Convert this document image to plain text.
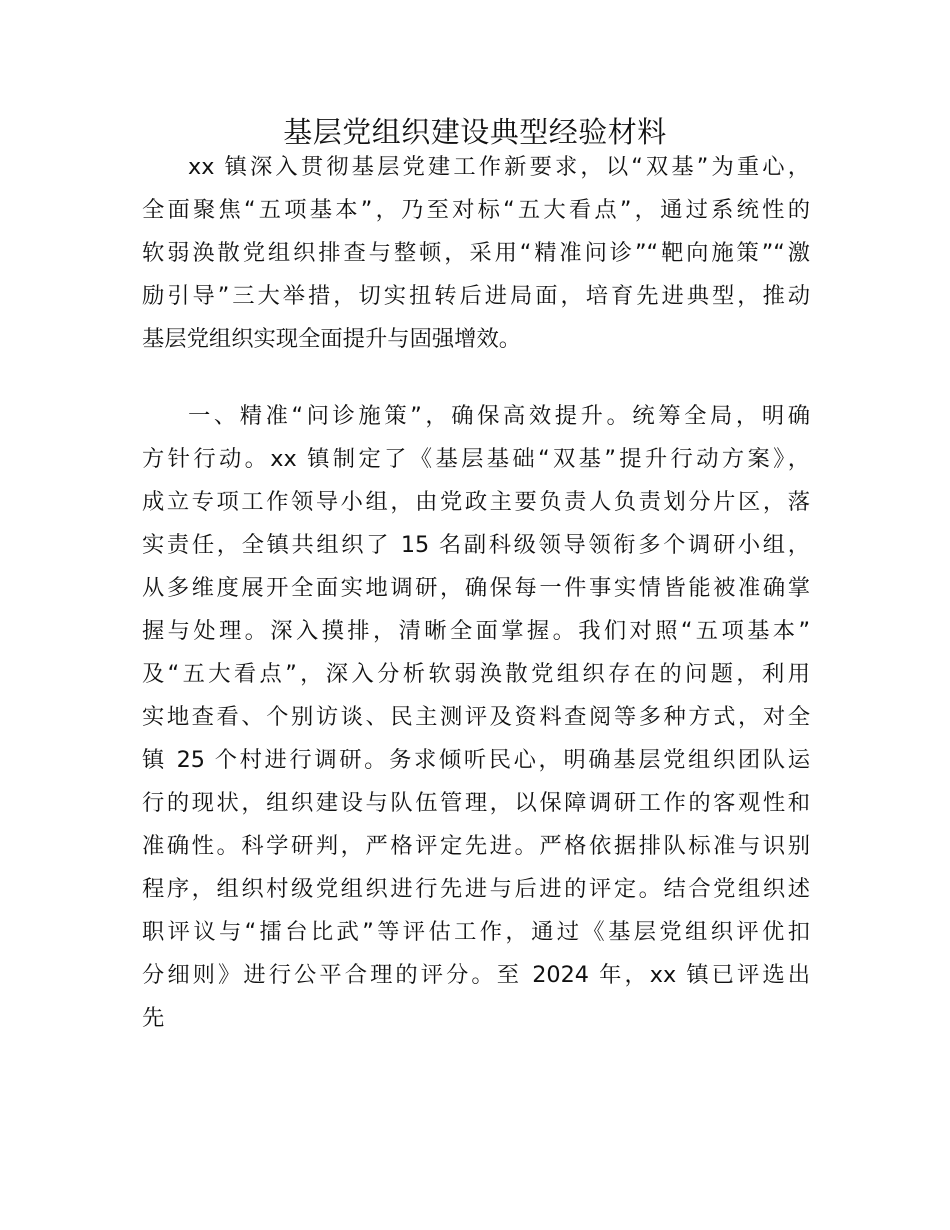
基层党组织建设典型经验材料
xx 镇深入贯彻基层党建工作新要求，以“双基”为重心，
全面聚焦“五项基本”，乃至对标“五大看点”，通过系统性的
软弱涣散党组织排查与整顿，采用“精准问诊”“靶向施策”“激
励引导”三大举措，切实扭转后进局面，培育先进典型，推动
基层党组织实现全面提升与固强增效。
一、精准“问诊施策”，确保高效提升。统筹全局，明确
方针行动。xx 镇制定了《基层基础“双基”提升行动方案》，
成立专项工作领导小组，由党政主要负责人负责划分片区，落
实责任，全镇共组织了 15 名副科级领导领衔多个调研小组，
从多维度展开全面实地调研，确保每一件事实情皆能被准确掌
握与处理。深入摸排，清晰全面掌握。我们对照“五项基本”
及“五大看点”，深入分析软弱涣散党组织存在的问题，利用
实地查看、个别访谈、民主测评及资料查阅等多种方式，对全
镇 25 个村进行调研。务求倾听民心，明确基层党组织团队运
行的现状，组织建设与队伍管理，以保障调研工作的客观性和
准确性。科学研判，严格评定先进。严格依据排队标准与识别
程序，组织村级党组织进行先进与后进的评定。结合党组织述
职评议与“擂台比武”等评估工作，通过《基层党组织评优扣
分细则》进行公平合理的评分。至 2024 年，xx 镇已评选出
先
